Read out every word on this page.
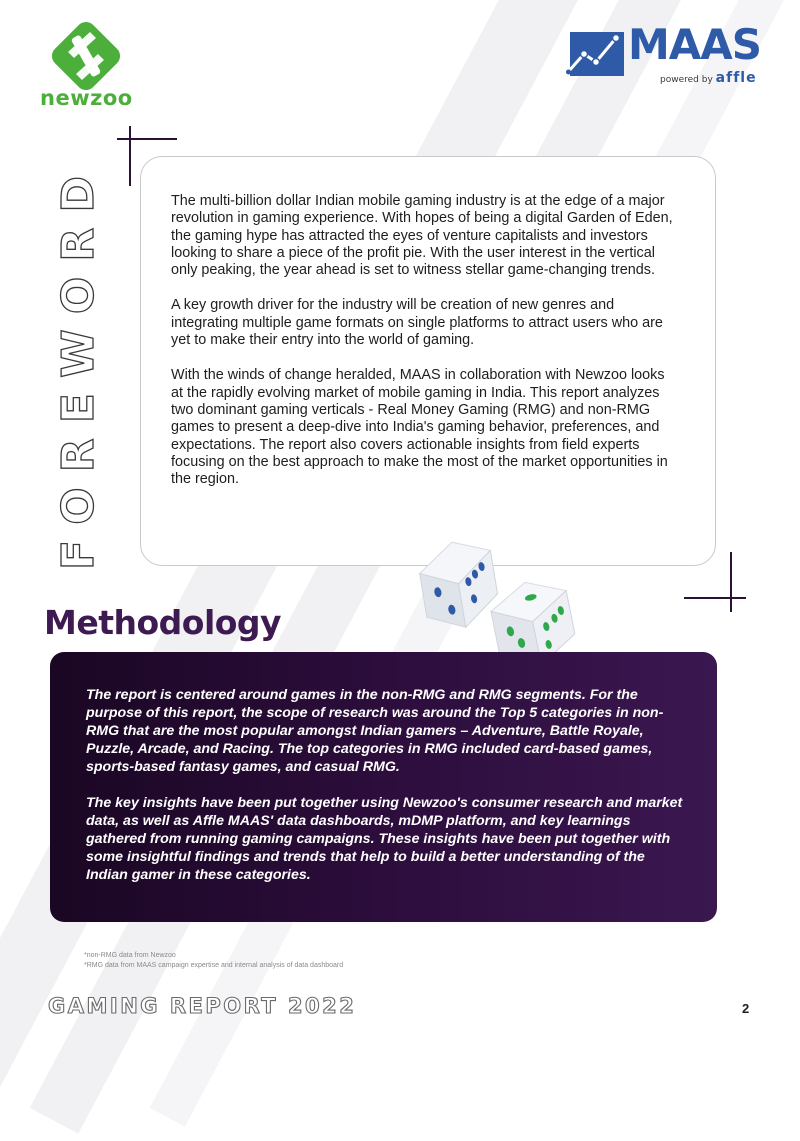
newzoo
MAAS
powered by affle
FOREWORD	The multi-billion dollar Indian mobile gaming industry is at the edge of a major revolution in gaming experience. With hopes of being a digital Garden of Eden, the gaming hype has attracted the eyes of venture capitalists and investors looking to share a piece of the profit pie. With the user interest in the vertical only peaking, the year ahead is set to witness stellar game-changing trends.

A key growth driver for the industry will be creation of new genres and integrating multiple game formats on single platforms to attract users who are yet to make their entry into the world of gaming.

With the winds of change heralded, MAAS in collaboration with Newzoo looks at the rapidly evolving market of mobile gaming in India. This report analyzes two dominant gaming verticals - Real Money Gaming (RMG) and non-RMG games to present a deep-dive into India's gaming behavior, preferences, and expectations. The report also covers actionable insights from field experts focusing on the best approach to make the most of the market opportunities in the region.

Methodology

The report is centered around games in the non-RMG and RMG segments. For the purpose of this report, the scope of research was around the Top 5 categories in non-RMG that are the most popular amongst Indian gamers – Adventure, Battle Royale, Puzzle, Arcade, and Racing. The top categories in RMG included card-based games, sports-based fantasy games, and casual RMG.

The key insights have been put together using Newzoo's consumer research and market data, as well as Affle MAAS' data dashboards, mDMP platform, and key learnings gathered from running gaming campaigns. These insights have been put together with some insightful findings and trends that help to build a better understanding of the Indian gamer in these categories.

*non-RMG data from Newzoo
*RMG data from MAAS campaign expertise and internal analysis of data dashboard
GAMING REPORT 2022	2
